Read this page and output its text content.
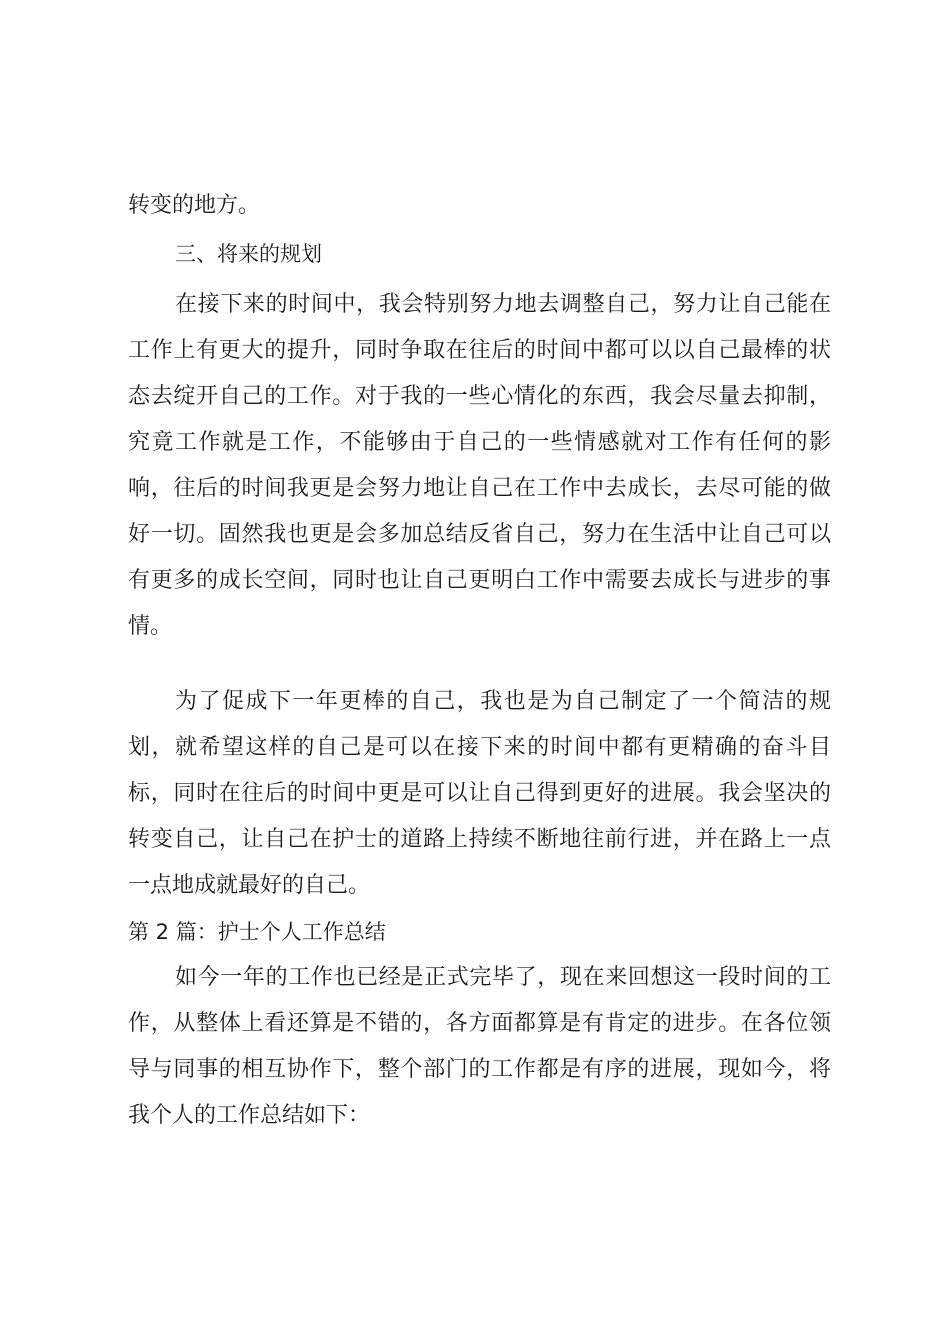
转变的地方。

三、将来的规划

在接下来的时间中，我会特别努力地去调整自己，努力让自己能在

工作上有更大的提升，同时争取在往后的时间中都可以以自己最棒的状

态去绽开自己的工作。对于我的一些心情化的东西，我会尽量去抑制，

究竟工作就是工作，不能够由于自己的一些情感就对工作有任何的影

响，往后的时间我更是会努力地让自己在工作中去成长，去尽可能的做

好一切。固然我也更是会多加总结反省自己，努力在生活中让自己可以

有更多的成长空间，同时也让自己更明白工作中需要去成长与进步的事

情。

为了促成下一年更棒的自己，我也是为自己制定了一个简洁的规

划，就希望这样的自己是可以在接下来的时间中都有更精确的奋斗目

标，同时在往后的时间中更是可以让自己得到更好的进展。我会坚决的

转变自己，让自己在护士的道路上持续不断地往前行进，并在路上一点

一点地成就最好的自己。

第 2 篇：护士个人工作总结

如今一年的工作也已经是正式完毕了，现在来回想这一段时间的工

作，从整体上看还算是不错的，各方面都算是有肯定的进步。在各位领

导与同事的相互协作下，整个部门的工作都是有序的进展，现如今，将

我个人的工作总结如下：
